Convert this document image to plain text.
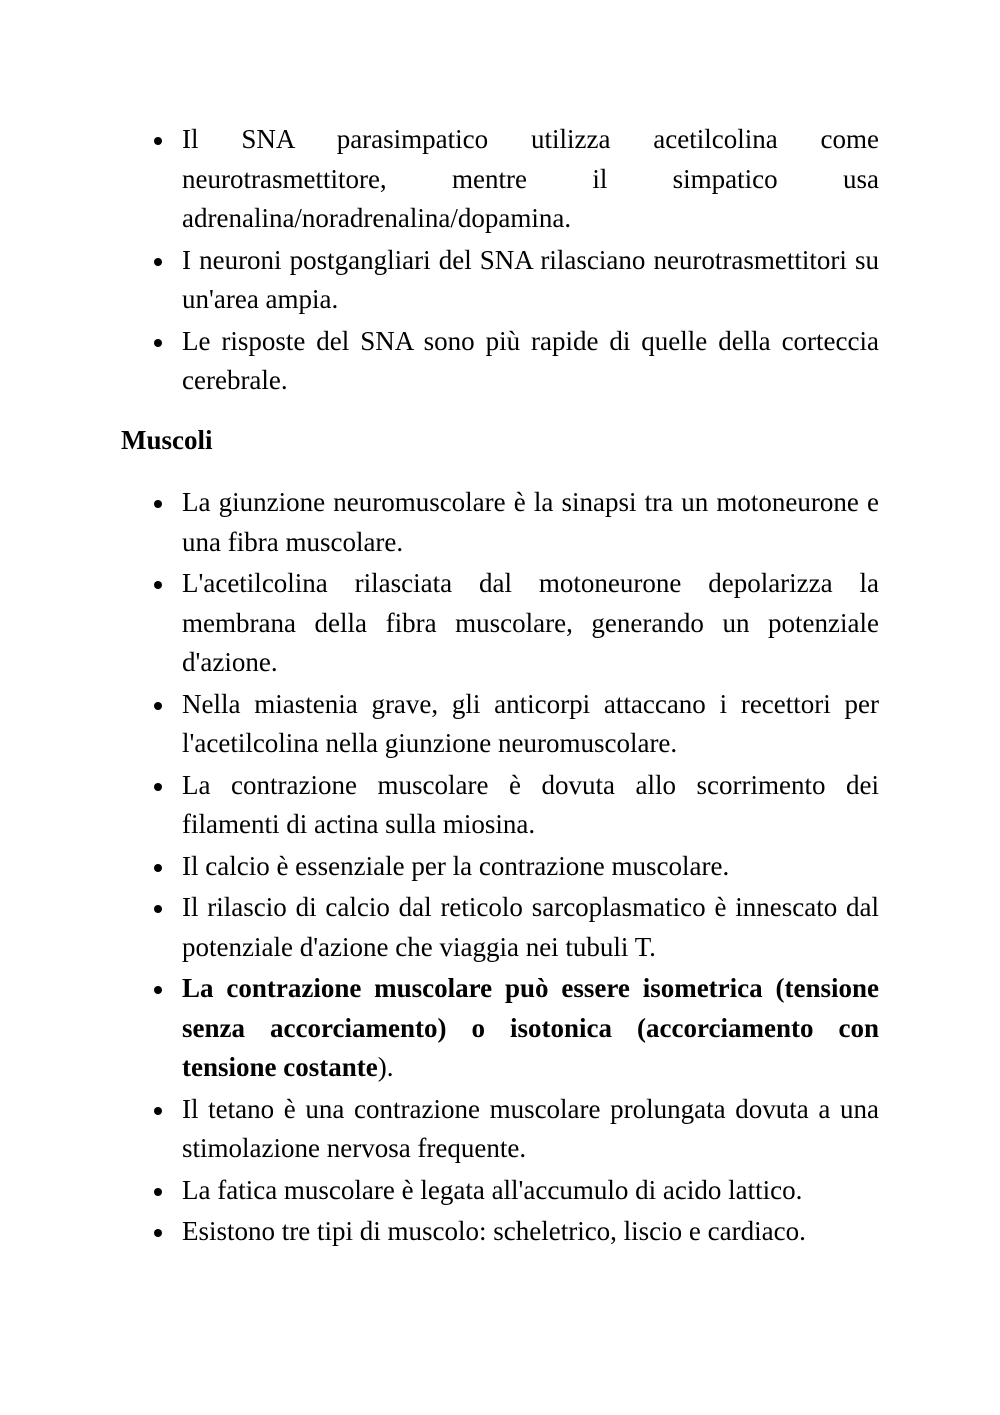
Il SNA parasimpatico utilizza acetilcolina come neurotrasmettitore, mentre il simpatico usa adrenalina/noradrenalina/dopamina.
I neuroni postgangliari del SNA rilasciano neurotrasmettitori su un'area ampia.
Le risposte del SNA sono più rapide di quelle della corteccia cerebrale.
Muscoli
La giunzione neuromuscolare è la sinapsi tra un motoneurone e una fibra muscolare.
L'acetilcolina rilasciata dal motoneurone depolarizza la membrana della fibra muscolare, generando un potenziale d'azione.
Nella miastenia grave, gli anticorpi attaccano i recettori per l'acetilcolina nella giunzione neuromuscolare.
La contrazione muscolare è dovuta allo scorrimento dei filamenti di actina sulla miosina.
Il calcio è essenziale per la contrazione muscolare.
Il rilascio di calcio dal reticolo sarcoplasmatico è innescato dal potenziale d'azione che viaggia nei tubuli T.
La contrazione muscolare può essere isometrica (tensione senza accorciamento) o isotonica (accorciamento con tensione costante).
Il tetano è una contrazione muscolare prolungata dovuta a una stimolazione nervosa frequente.
La fatica muscolare è legata all'accumulo di acido lattico.
Esistono tre tipi di muscolo: scheletrico, liscio e cardiaco.
